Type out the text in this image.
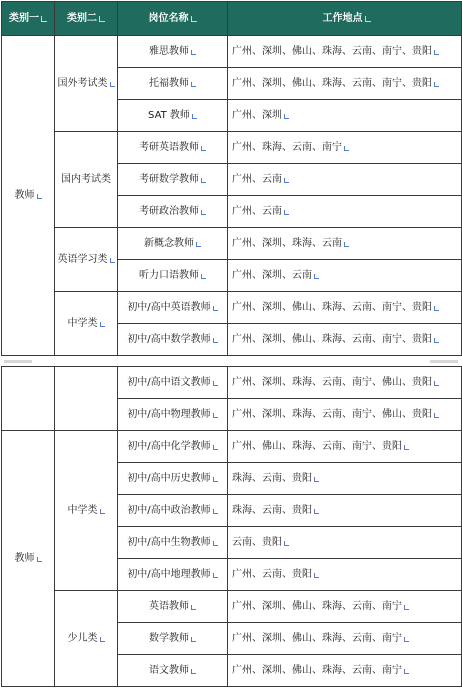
类别一	类别二	岗位名称	工作地点
教师	国外考试类	雅思教师	广州、深圳、佛山、珠海、云南、南宁、贵阳
		托福教师	广州、深圳、佛山、珠海、云南、南宁、贵阳
		SAT 教师	广州、深圳
	国内考试类	考研英语教师	广州、珠海、云南、南宁
		考研数学教师	广州、云南
		考研政治教师	广州、云南
	英语学习类	新概念教师	广州、深圳、珠海、云南
		听力口语教师	广州、深圳、云南
	中学类	初中/高中英语教师	广州、深圳、佛山、珠海、云南、南宁、贵阳
		初中/高中数学教师	广州、深圳、佛山、珠海、云南、南宁、贵阳
		初中/高中语文教师	广州、深圳、珠海、云南、南宁、佛山、贵阳
		初中/高中物理教师	广州、深圳、珠海、云南、南宁、佛山、贵阳
教师	中学类	初中/高中化学教师	广州、佛山、珠海、云南、南宁、贵阳
		初中/高中历史教师	珠海、云南、贵阳
		初中/高中政治教师	珠海、云南、贵阳
		初中/高中生物教师	云南、贵阳
		初中/高中地理教师	广州、云南、贵阳
	少儿类	英语教师	广州、深圳、佛山、珠海、云南、南宁
		数学教师	广州、深圳、佛山、珠海、云南、南宁
		语文教师	广州、深圳、佛山、珠海、云南、南宁
